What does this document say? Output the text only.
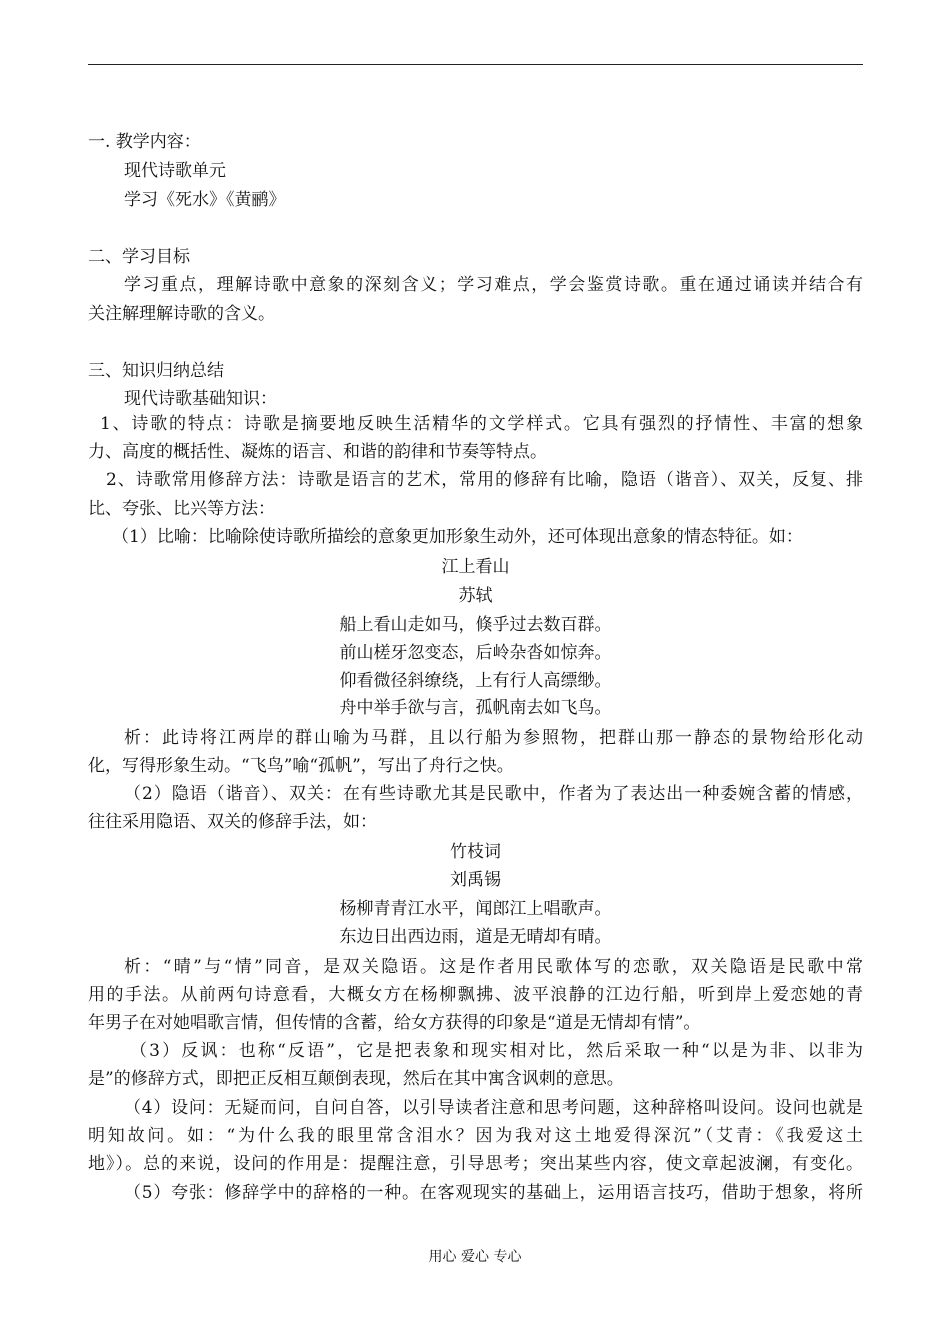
一. 教学内容：
现代诗歌单元
学习《死水》《黄鹂》
二、学习目标
学习重点，理解诗歌中意象的深刻含义；学习难点，学会鉴赏诗歌。重在通过诵读并结合有
关注解理解诗歌的含义。
三、知识归纳总结
现代诗歌基础知识：
1、诗歌的特点：诗歌是摘要地反映生活精华的文学样式。它具有强烈的抒情性、丰富的想象
力、高度的概括性、凝炼的语言、和谐的韵律和节奏等特点。
2、诗歌常用修辞方法：诗歌是语言的艺术，常用的修辞有比喻，隐语（谐音）、双关，反复、排
比、夸张、比兴等方法：
（1）比喻：比喻除使诗歌所描绘的意象更加形象生动外，还可体现出意象的情态特征。如：
江上看山
苏轼
船上看山走如马，倏乎过去数百群。
前山槎牙忽变态，后岭杂沓如惊奔。
仰看微径斜缭绕，上有行人高缥缈。
舟中举手欲与言，孤帆南去如飞鸟。
析：此诗将江两岸的群山喻为马群，且以行船为参照物，把群山那一静态的景物给形化动
化，写得形象生动。“飞鸟”喻“孤帆”，写出了舟行之快。
（2）隐语（谐音）、双关：在有些诗歌尤其是民歌中，作者为了表达出一种委婉含蓄的情感，
往往采用隐语、双关的修辞手法，如：
竹枝词
刘禹锡
杨柳青青江水平，闻郎江上唱歌声。
东边日出西边雨，道是无晴却有晴。
析：“晴”与“情”同音，是双关隐语。这是作者用民歌体写的恋歌，双关隐语是民歌中常
用的手法。从前两句诗意看，大概女方在杨柳飘拂、波平浪静的江边行船，听到岸上爱恋她的青
年男子在对她唱歌言情，但传情的含蓄，给女方获得的印象是“道是无情却有情”。
（3）反讽：也称“反语”，它是把表象和现实相对比，然后采取一种“以是为非、以非为
是”的修辞方式，即把正反相互颠倒表现，然后在其中寓含讽刺的意思。
（4）设问：无疑而问，自问自答，以引导读者注意和思考问题，这种辞格叫设问。设问也就是
明知故问。如：“为什么我的眼里常含泪水？因为我对这土地爱得深沉”（艾青：《我爱这土
地》）。总的来说，设问的作用是：提醒注意，引导思考；突出某些内容，使文章起波澜，有变化。
（5）夸张：修辞学中的辞格的一种。在客观现实的基础上，运用语言技巧，借助于想象，将所
用心 爱心 专心
